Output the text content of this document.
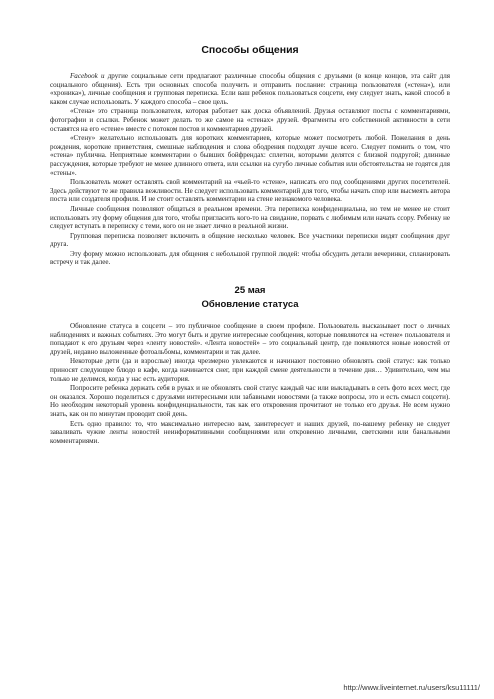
Способы общения

Facebook и другие социальные сети предлагают различные способы общения с друзьями (в конце концов, эта сайт для социального общения). Есть три основных способа получить и отправить послание: страница пользователя («стена»), или «хроника»), личные сообщения и групповая переписка. Если ваш ребенок пользоваться соцсети, ему следует знать, какой способ в каком случае использовать. У каждого способа – свое цель.

«Стена» это страница пользователя, которая работает как доска объявлений. Друзья оставляют посты с комментариями, фотографии и ссылки. Ребенок может делать то же самое на «стенах» друзей. Фрагменты его собственной активности в сети оставятся на его «стене» вместе с потоком постов и комментариев друзей.

«Стену» желательно использовать для коротких комментариев, которые может посмотреть любой. Пожелания в день рождения, короткие приветствия, смешные наблюдения и слова ободрения подходят лучше всего. Следует помнить о том, что «стена» публична. Неприятные комментарии о бывших бойфрендах: сплетни, которыми делятся с близкой подругой; длинные рассуждения, которые требуют не менее длинного ответа, или ссылки на сугубо личные события или обстоятельства не годятся для «стены».

Пользователь может оставлять свой комментарий на «чьей-то «стене», написать его под сообщениями других посетителей. Здесь действуют те же правила вежливости. Не следует использовать комментарий для того, чтобы начать спор или высмеять автора поста или создателя профиля. И не стоит оставлять комментарии на стене незнакомого человека.

Личные сообщения позволяют общаться в реальном времени. Эта переписка конфиденциальна, но тем не менее не стоит использовать эту форму общения для того, чтобы пригласить кого-то на свидание, порвать с любимым или начать ссору. Ребенку не следует вступать в переписку с теми, кого он не знает лично в реальной жизни.

Групповая переписка позволяет включить в общение несколько человек. Все участники переписки видят сообщения друг друга.

Эту форму можно использовать для общения с небольшой группой людей: чтобы обсудить детали вечеринки, спланировать встречу и так далее.

25 мая
Обновление статуса

Обновление статуса в соцсети – это публичное сообщение в своем профиле. Пользователь высказывает пост о личных наблюдениях и важных событиях. Это могут быть и другие интересные сообщения, которые появляются на «стене» пользователя и попадают к его друзьям через «ленту новостей». «Лента новостей» – это социальный центр, где появляются новые новостей от друзей, недавно выложенные фотоальбомы, комментарии и так далее.

Некоторые дети (да и взрослые) иногда чрезмерно увлекаются и начинают постоянно обновлять свой статус: как только приносят следующее блюдо в кафе, когда начинается снег, при каждой смене деятельности в течение дня… Удивительно, чем мы только не делимся, когда у нас есть аудитория.

Попросите ребенка держать себя в руках и не обновлять свой статус каждый час или выкладывать в сеть фото всех мест, где он оказался. Хорошо поделиться с друзьями интересными или забавными новостями (а также вопросы, это и есть смысл соцсети). Но необходим некоторый уровень конфиденциальности, так как его откровения прочитают не только его друзья. Не всем нужно знать, как он по минутам проводит свой день.

Есть одно правило: то, что максимально интересно вам, заинтересует и наших друзей, по-вашему ребенку не следует заваливать чужие ленты новостей неинформативными сообщениями или откровенно личными, светскими или банальными комментариями.

http://www.liveinternet.ru/users/ksu11111/
